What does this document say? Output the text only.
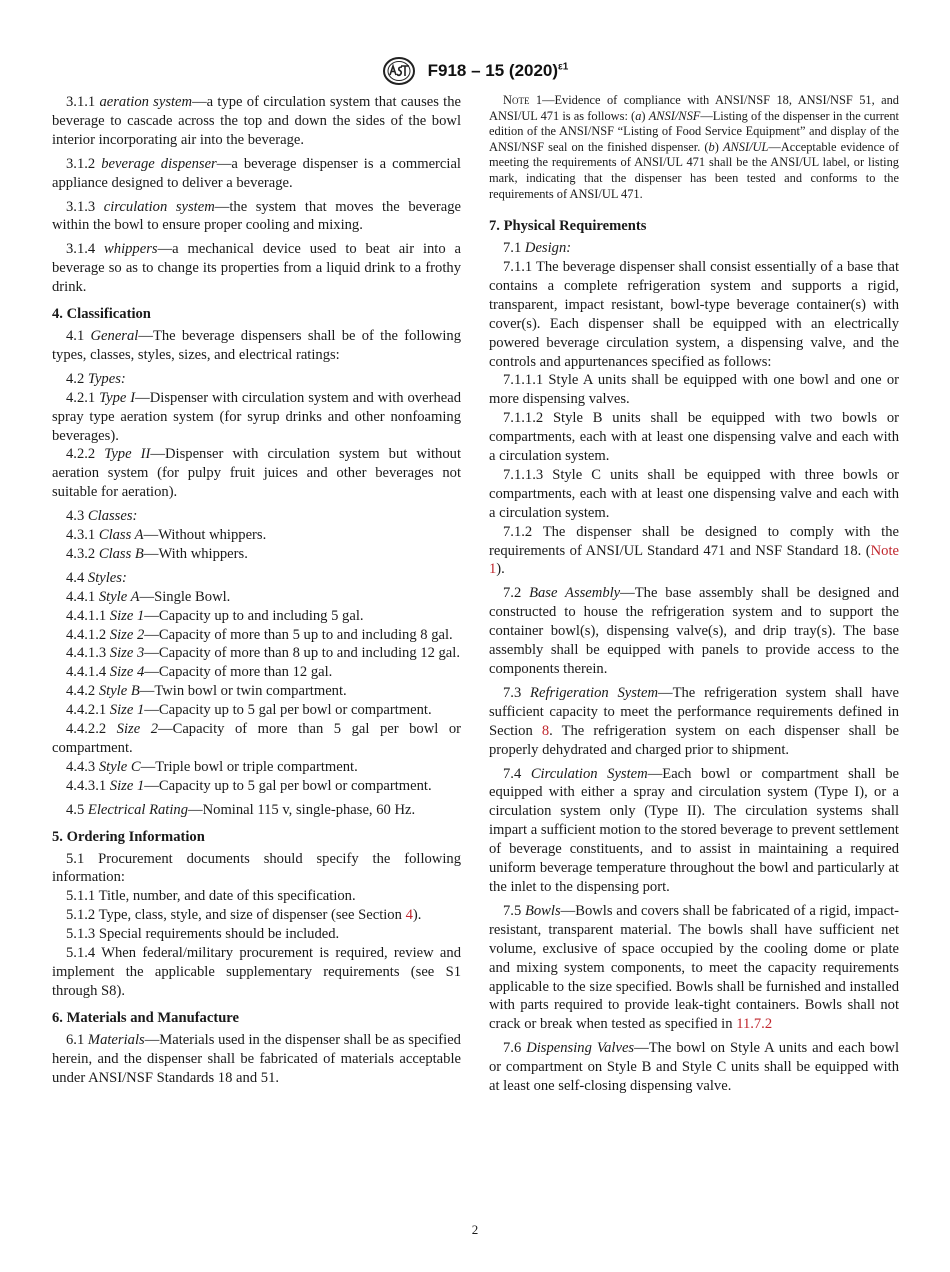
F918 – 15 $(2020)^{\varepsilon 1}$

3.1.1 aeration system—a type of circulation system that causes the beverage to cascade across the top and down the sides of the bowl interior incorporating air into the beverage.

3.1.2 beverage dispenser—a beverage dispenser is a commercial appliance designed to deliver a beverage.

3.1.3 circulation system—the system that moves the beverage within the bowl to ensure proper cooling and mixing.

3.1.4 whippers—a mechanical device used to beat air into a beverage so as to change its properties from a liquid drink to a frothy drink.

4. Classification

4.1 General—The beverage dispensers shall be of the following types, classes, styles, sizes, and electrical ratings:

4.2 Types:

4.2.1 Type I—Dispenser with circulation system and with overhead spray type aeration system (for syrup drinks and other nonfoaming beverages).

4.2.2 Type II—Dispenser with circulation system but without aeration system (for pulpy fruit juices and other beverages not suitable for aeration).

4.3 Classes:

4.3.1 Class A—Without whippers.

4.3.2 Class B—With whippers.

4.4 Styles:

4.4.1 Style A—Single Bowl.

4.4.1.1 Size 1—Capacity up to and including 5 gal.

4.4.1.2 Size 2—Capacity of more than 5 up to and including 8 gal.

4.4.1.3 Size 3—Capacity of more than 8 up to and including 12 gal.

4.4.1.4 Size 4—Capacity of more than 12 gal.

4.4.2 Style B—Twin bowl or twin compartment.

4.4.2.1 Size 1—Capacity up to 5 gal per bowl or compartment.

4.4.2.2 Size 2—Capacity of more than 5 gal per bowl or compartment.

4.4.3 Style C—Triple bowl or triple compartment.

4.4.3.1 Size 1—Capacity up to 5 gal per bowl or compartment.

4.5 Electrical Rating—Nominal 115 v, single-phase, 60 Hz.

5. Ordering Information

5.1 Procurement documents should specify the following information:

5.1.1 Title, number, and date of this specification.

5.1.2 Type, class, style, and size of dispenser (see Section 4).

5.1.3 Special requirements should be included.

5.1.4 When federal/military procurement is required, review and implement the applicable supplementary requirements (see S1 through S8).

6. Materials and Manufacture

6.1 Materials—Materials used in the dispenser shall be as specified herein, and the dispenser shall be fabricated of materials acceptable under ANSI/NSF Standards 18 and 51.

Note 1—Evidence of compliance with ANSI/NSF 18, ANSI/NSF 51, and ANSI/UL 471 is as follows: (a) ANSI/NSF—Listing of the dispenser in the current edition of the ANSI/NSF “Listing of Food Service Equipment” and display of the ANSI/NSF seal on the finished dispenser. (b) ANSI/UL—Acceptable evidence of meeting the requirements of ANSI/UL 471 shall be the ANSI/UL label, or listing mark, indicating that the dispenser has been tested and conforms to the requirements of ANSI/UL 471.

7. Physical Requirements

7.1 Design:

7.1.1 The beverage dispenser shall consist essentially of a base that contains a complete refrigeration system and supports a rigid, transparent, impact resistant, bowl-type beverage container(s) with cover(s). Each dispenser shall be equipped with an electrically powered beverage circulation system, a dispensing valve, and the controls and appurtenances specified as follows:

7.1.1.1 Style A units shall be equipped with one bowl and one or more dispensing valves.

7.1.1.2 Style B units shall be equipped with two bowls or compartments, each with at least one dispensing valve and each with a circulation system.

7.1.1.3 Style C units shall be equipped with three bowls or compartments, each with at least one dispensing valve and each with a circulation system.

7.1.2 The dispenser shall be designed to comply with the requirements of ANSI/UL Standard 471 and NSF Standard 18. (Note 1).

7.2 Base Assembly—The base assembly shall be designed and constructed to house the refrigeration system and to support the container bowl(s), dispensing valve(s), and drip tray(s). The base assembly shall be equipped with panels to provide access to the components therein.

7.3 Refrigeration System—The refrigeration system shall have sufficient capacity to meet the performance requirements defined in Section 8. The refrigeration system on each dispenser shall be properly dehydrated and charged prior to shipment.

7.4 Circulation System—Each bowl or compartment shall be equipped with either a spray and circulation system (Type I), or a circulation system only (Type II). The circulation systems shall impart a sufficient motion to the stored beverage to prevent settlement of beverage constituents, and to assist in maintaining a required uniform beverage temperature throughout the bowl and particularly at the inlet to the dispensing port.

7.5 Bowls—Bowls and covers shall be fabricated of a rigid, impact-resistant, transparent material. The bowls shall have sufficient net volume, exclusive of space occupied by the cooling dome or plate and mixing system components, to meet the capacity requirements applicable to the size specified. Bowls shall be furnished and installed with parts required to provide leak-tight containers. Bowls shall not crack or break when tested as specified in 11.7.2

7.6 Dispensing Valves—The bowl on Style A units and each bowl or compartment on Style B and Style C units shall be equipped with at least one self-closing dispensing valve.

2
